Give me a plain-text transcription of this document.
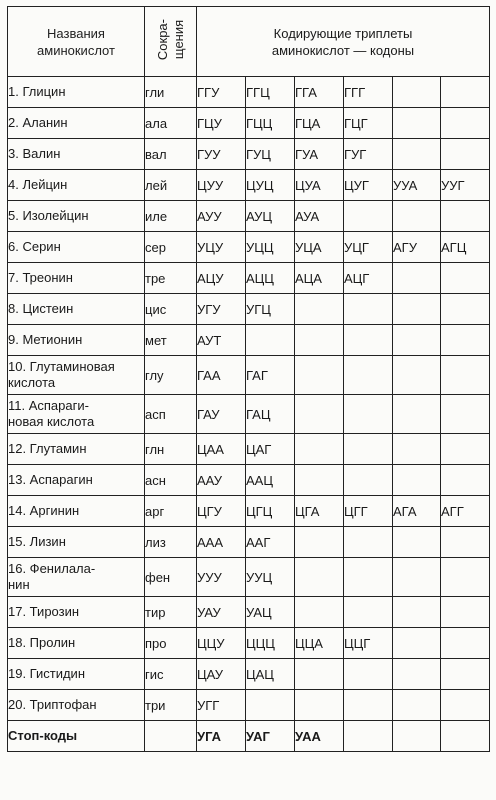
Названия
аминокислот	Сокра-
щения	Кодирующие триплеты
аминокислот — кодоны					
1. Глицин	гли	ГГУ	ГГЦ	ГГА	ГГГ		
2. Аланин	ала	ГЦУ	ГЦЦ	ГЦА	ГЦГ		
3. Валин	вал	ГУУ	ГУЦ	ГУА	ГУГ		
4. Лейцин	лей	ЦУУ	ЦУЦ	ЦУА	ЦУГ	УУА	УУГ
5. Изолейцин	иле	АУУ	АУЦ	АУА			
6. Серин	сер	УЦУ	УЦЦ	УЦА	УЦГ	АГУ	АГЦ
7. Треонин	тре	АЦУ	АЦЦ	АЦА	АЦГ		
8. Цистеин	цис	УГУ	УГЦ				
9. Метионин	мет	АУТ					
10. Глутаминовая
кислота	глу	ГАА	ГАГ				
11. Аспараги-
новая кислота	асп	ГАУ	ГАЦ				
12. Глутамин	глн	ЦАА	ЦАГ				
13. Аспарагин	асн	ААУ	ААЦ				
14. Аргинин	арг	ЦГУ	ЦГЦ	ЦГА	ЦГГ	АГА	АГГ
15. Лизин	лиз	ААА	ААГ				
16. Фенилала-
нин	фен	УУУ	УУЦ				
17. Тирозин	тир	УАУ	УАЦ				
18. Пролин	про	ЦЦУ	ЦЦЦ	ЦЦА	ЦЦГ		
19. Гистидин	гис	ЦАУ	ЦАЦ				
20. Триптофан	три	УГГ					
Стоп-коды		УГА	УАГ	УАА			
